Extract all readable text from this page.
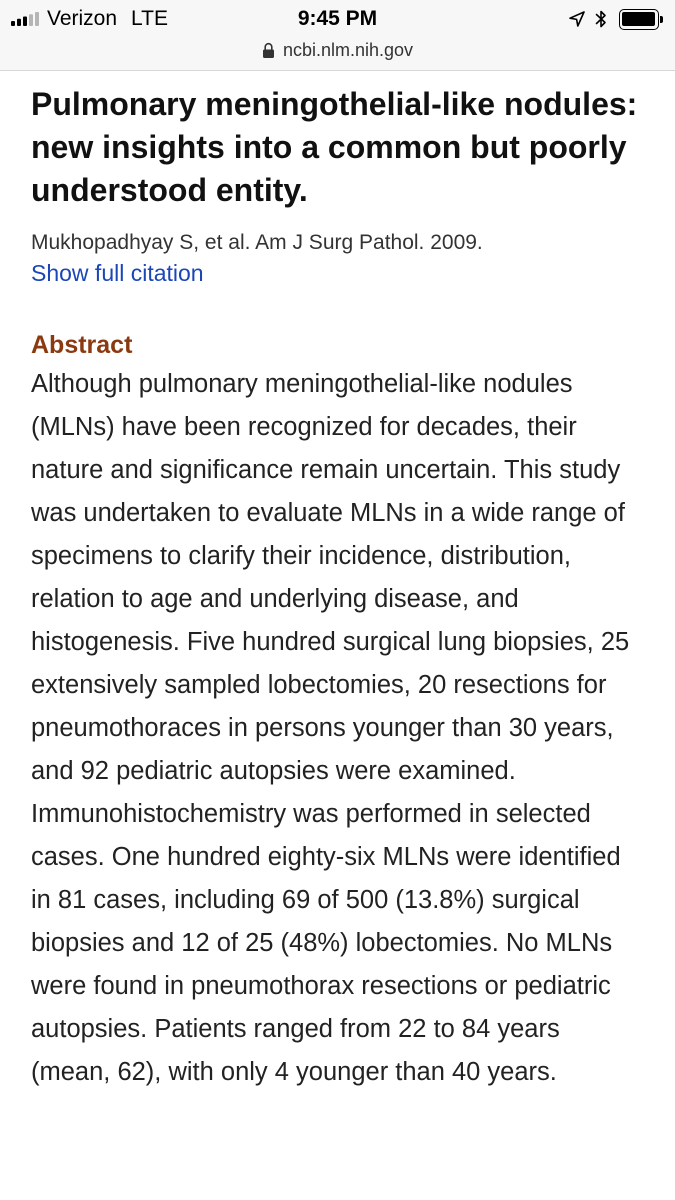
Verizon LTE	9:45 PM
ncbi.nlm.nih.gov
Pulmonary meningothelial-like nodules: new insights into a common but poorly understood entity.
Mukhopadhyay S, et al. Am J Surg Pathol. 2009.
Show full citation
Abstract

Although pulmonary meningothelial-like nodules (MLNs) have been recognized for decades, their nature and significance remain uncertain. This study was undertaken to evaluate MLNs in a wide range of specimens to clarify their incidence, distribution, relation to age and underlying disease, and histogenesis. Five hundred surgical lung biopsies, 25 extensively sampled lobectomies, 20 resections for pneumothoraces in persons younger than 30 years, and 92 pediatric autopsies were examined. Immunohistochemistry was performed in selected cases. One hundred eighty-six MLNs were identified in 81 cases, including 69 of 500 (13.8%) surgical biopsies and 12 of 25 (48%) lobectomies. No MLNs were found in pneumothorax resections or pediatric autopsies. Patients ranged from 22 to 84 years (mean, 62), with only 4 younger than 40 years.
